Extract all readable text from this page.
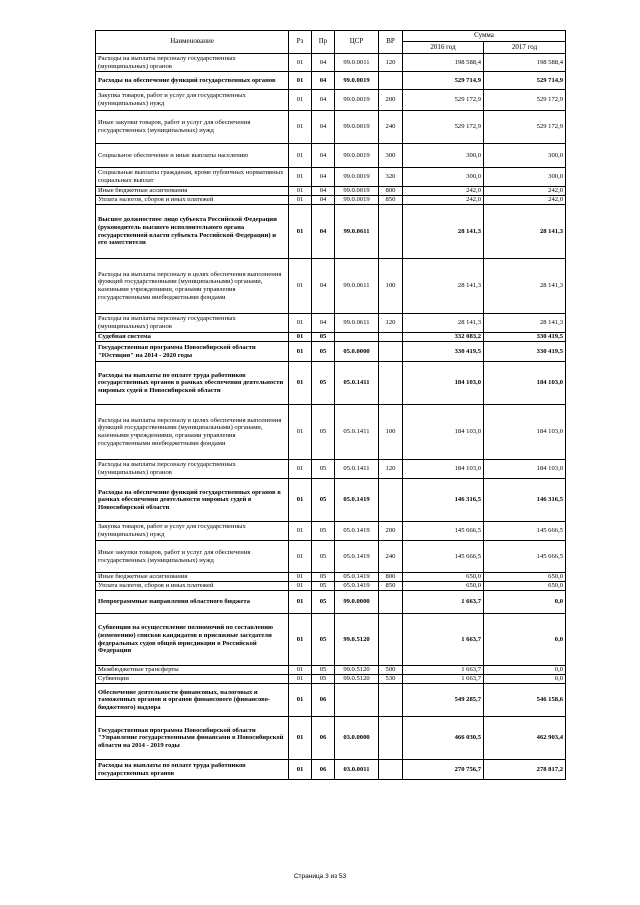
Наименование	Рз	Пр	ЦСР	ВР	Сумма	
					2016 год	2017 год
Расходы на выплаты персоналу государственных (муниципальных) органов	01	04	99.0.0011	120	198 588,4	198 588,4
Расходы на обеспечение функций государственных органов	01	04	99.0.0019		529 714,9	529 714,9
Закупка товаров, работ и услуг для государственных (муниципальных) нужд	01	04	99.0.0019	200	529 172,9	529 172,9
Иные закупки товаров, работ и услуг для обеспечения государственных (муниципальных) нужд	01	04	99.0.0019	240	529 172,9	529 172,9
Социальное обеспечение и иные выплаты населению	01	04	99.0.0019	300	300,0	300,0
Социальные выплаты гражданам, кроме публичных нормативных социальных выплат	01	04	99.0.0019	320	300,0	300,0
Иные бюджетные ассигнования	01	04	99.0.0019	800	242,0	242,0
Уплата налогов, сборов и иных платежей	01	04	99.0.0019	850	242,0	242,0
Высшее должностное лицо субъекта Российской Федерации (руководитель высшего исполнительного органа государственной власти субъекта Российской Федерации) и его заместители	01	04	99.0.0611		28 141,3	28 141,3
Расходы на выплаты персоналу в целях обеспечения выполнения функций государственными (муниципальными) органами, казенными учреждениями, органами управления государственными внебюджетными фондами	01	04	99.0.0611	100	28 141,3	28 141,3
Расходы на выплаты персоналу государственных (муниципальных) органов	01	04	99.0.0611	120	28 141,3	28 141,3
Судебная система	01	05			332 083,2	330 419,5
Государственная программа Новосибирской области "Юстиция" на 2014 - 2020 годы	01	05	05.0.0000		330 419,5	330 419,5
Расходы на выплаты по оплате труда работников государственных органов в рамках обеспечения деятельности мировых судей в Новосибирской области	01	05	05.0.1411		184 103,0	184 103,0
Расходы на выплаты персоналу в целях обеспечения выполнения функций государственными (муниципальными) органами, казенными учреждениями, органами управления государственными внебюджетными фондами	01	05	05.0.1411	100	184 103,0	184 103,0
Расходы на выплаты персоналу государственных (муниципальных) органов	01	05	05.0.1411	120	184 103,0	184 103,0
Расходы на обеспечение функций государственных органов в рамках обеспечения деятельности мировых судей в Новосибирской области	01	05	05.0.1419		146 316,5	146 316,5
Закупка товаров, работ и услуг для государственных (муниципальных) нужд	01	05	05.0.1419	200	145 666,5	145 666,5
Иные закупки товаров, работ и услуг для обеспечения государственных (муниципальных) нужд	01	05	05.0.1419	240	145 666,5	145 666,5
Иные бюджетные ассигнования	01	05	05.0.1419	800	650,0	650,0
Уплата налогов, сборов и иных платежей	01	05	05.0.1419	850	650,0	650,0
Непрограммные направления областного бюджета	01	05	99.0.0000		1 663,7	0,0
Субвенции на осуществление полномочий по составлению (изменению) списков кандидатов в присяжные заседатели федеральных судов общей юрисдикции в Российской Федерации	01	05	99.0.5120		1 663,7	0,0
Межбюджетные трансферты	01	05	99.0.5120	500	1 663,7	0,0
Субвенции	01	05	99.0.5120	530	1 663,7	0,0
Обеспечение деятельности финансовых, налоговых и таможенных органов и органов финансового (финансово-бюджетного) надзора	01	06			549 285,7	546 158,6
Государственная программа Новосибирской области "Управление государственными финансами в Новосибирской области на 2014 - 2019 годы	01	06	03.0.0000		466 030,5	462 903,4
Расходы на выплаты по оплате труда работников государственных органов	01	06	03.0.0011		270 756,7	278 817,2
Страница 3 из 53
